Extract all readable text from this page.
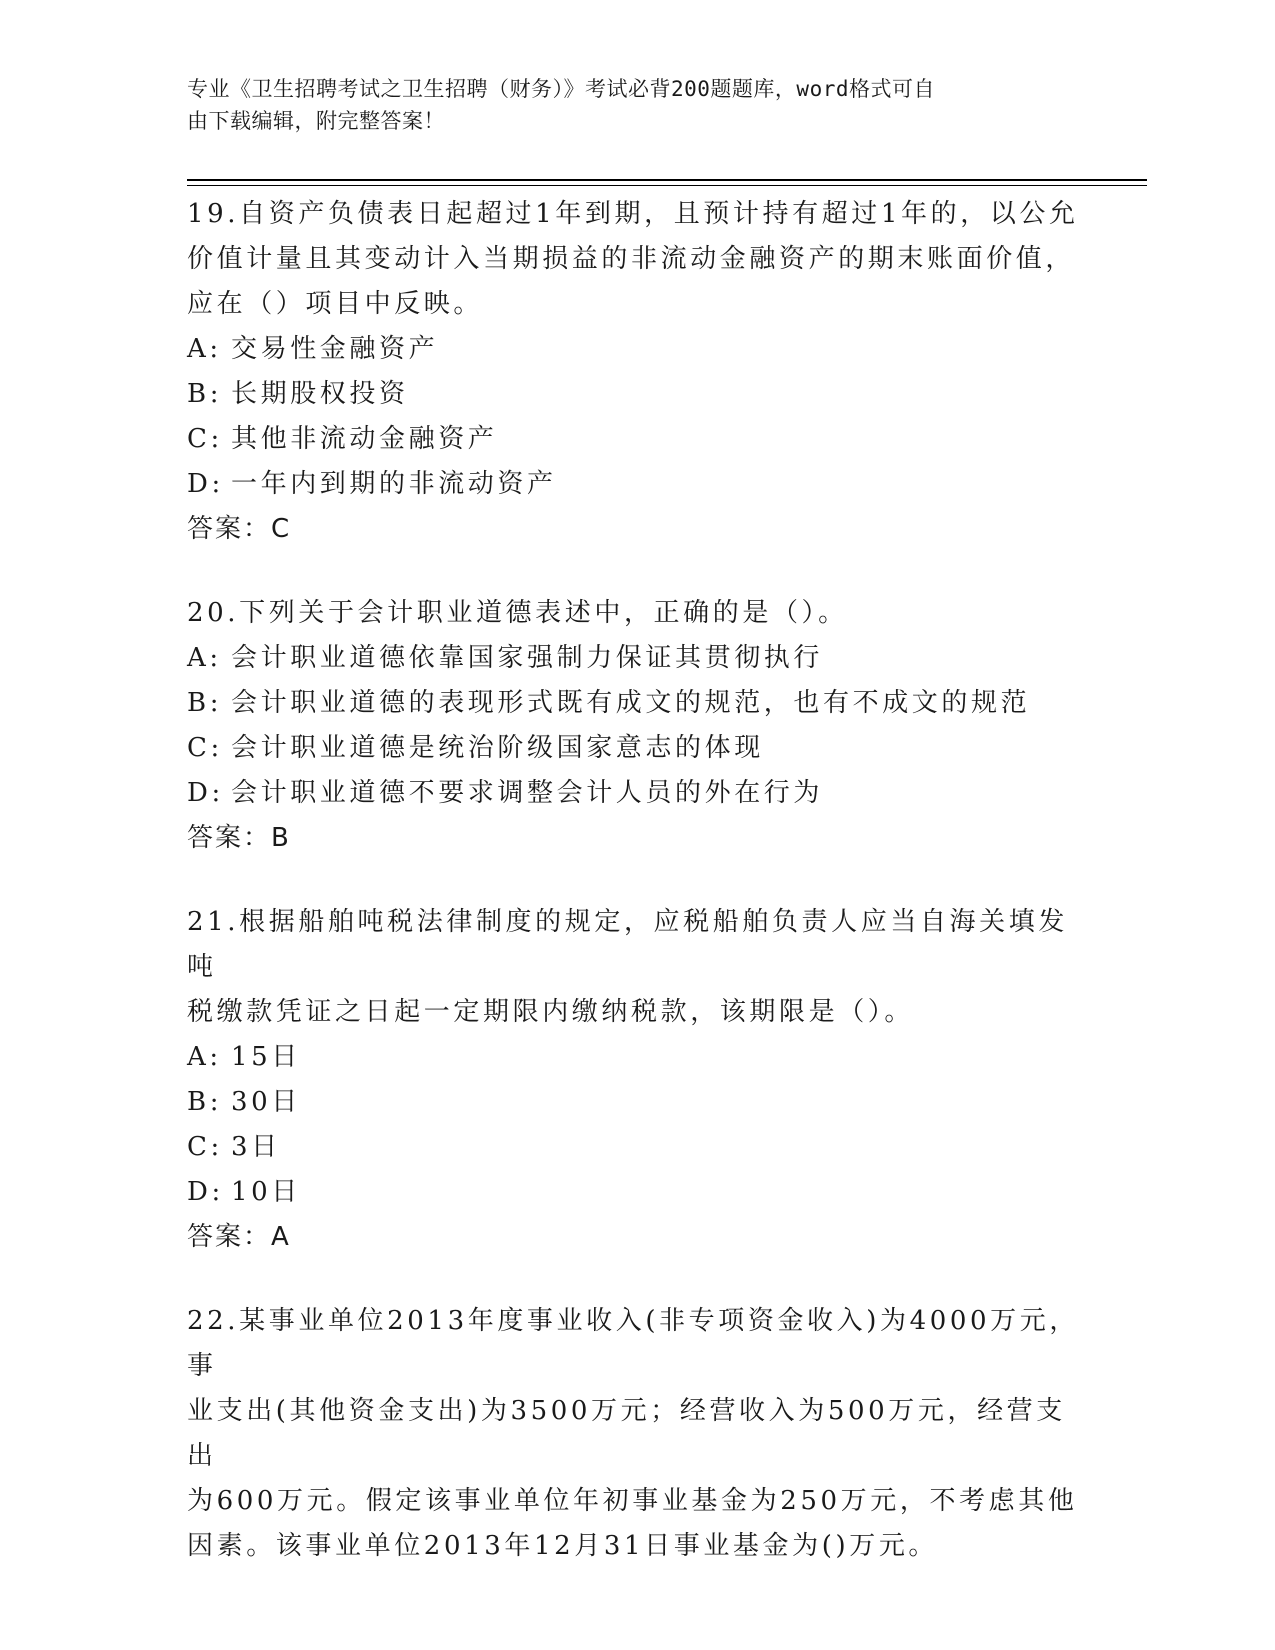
专业《卫生招聘考试之卫生招聘（财务）》考试必背200题题库，word格式可自
由下载编辑，附完整答案！
19.自资产负债表日起超过1年到期，且预计持有超过1年的，以公允
价值计量且其变动计入当期损益的非流动金融资产的期末账面价值，
应在（）项目中反映。
A: 交易性金融资产
B: 长期股权投资
C: 其他非流动金融资产
D: 一年内到期的非流动资产
答案：C
20.下列关于会计职业道德表述中，正确的是（）。
A: 会计职业道德依靠国家强制力保证其贯彻执行
B: 会计职业道德的表现形式既有成文的规范，也有不成文的规范
C: 会计职业道德是统治阶级国家意志的体现
D: 会计职业道德不要求调整会计人员的外在行为
答案：B
21.根据船舶吨税法律制度的规定，应税船舶负责人应当自海关填发吨
税缴款凭证之日起一定期限内缴纳税款，该期限是（）。
A: 15日
B: 30日
C: 3日
D: 10日
答案：A
22.某事业单位2013年度事业收入(非专项资金收入)为4000万元，事
业支出(其他资金支出)为3500万元；经营收入为500万元，经营支出
为600万元。假定该事业单位年初事业基金为250万元，不考虑其他
因素。该事业单位2013年12月31日事业基金为()万元。
